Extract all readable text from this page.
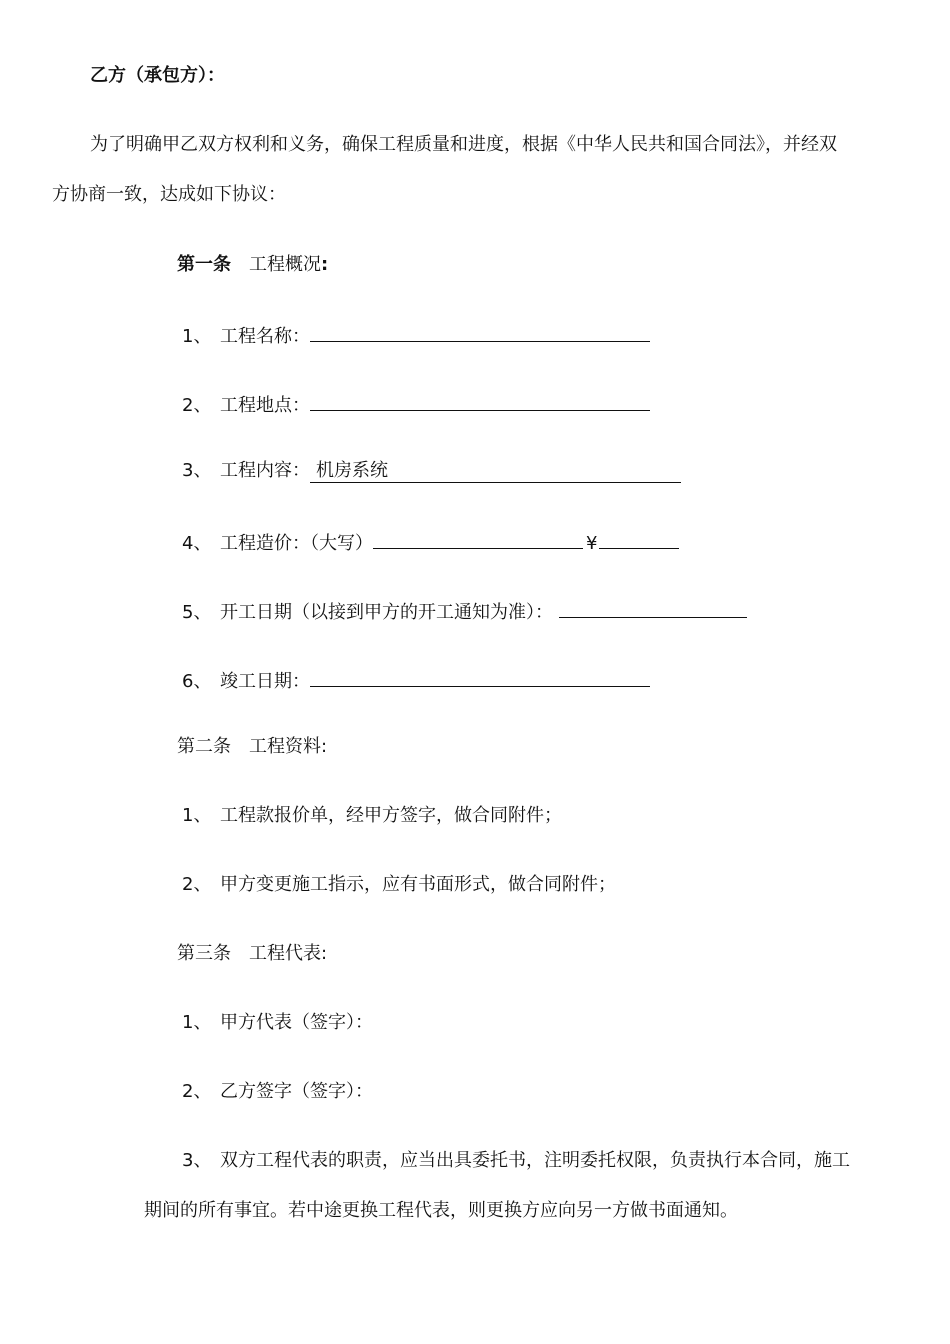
乙方（承包方）：
为了明确甲乙双方权利和义务，确保工程质量和进度，根据《中华人民共和国合同法》，并经双
方协商一致，达成如下协议：
第一条 工程概况:
1、 工程名称：
2、 工程地点：
3、 工程内容： 机房系统
4、 工程造价：（大写）	¥
5、 开工日期（以接到甲方的开工通知为准）：
6、 竣工日期：
第二条 工程资料:
1、 工程款报价单，经甲方签字，做合同附件；
2、 甲方变更施工指示，应有书面形式，做合同附件；
第三条 工程代表:
1、 甲方代表（签字）：
2、 乙方签字（签字）：
3、 双方工程代表的职责，应当出具委托书，注明委托权限，负责执行本合同，施工
期间的所有事宜。若中途更换工程代表，则更换方应向另一方做书面通知。
